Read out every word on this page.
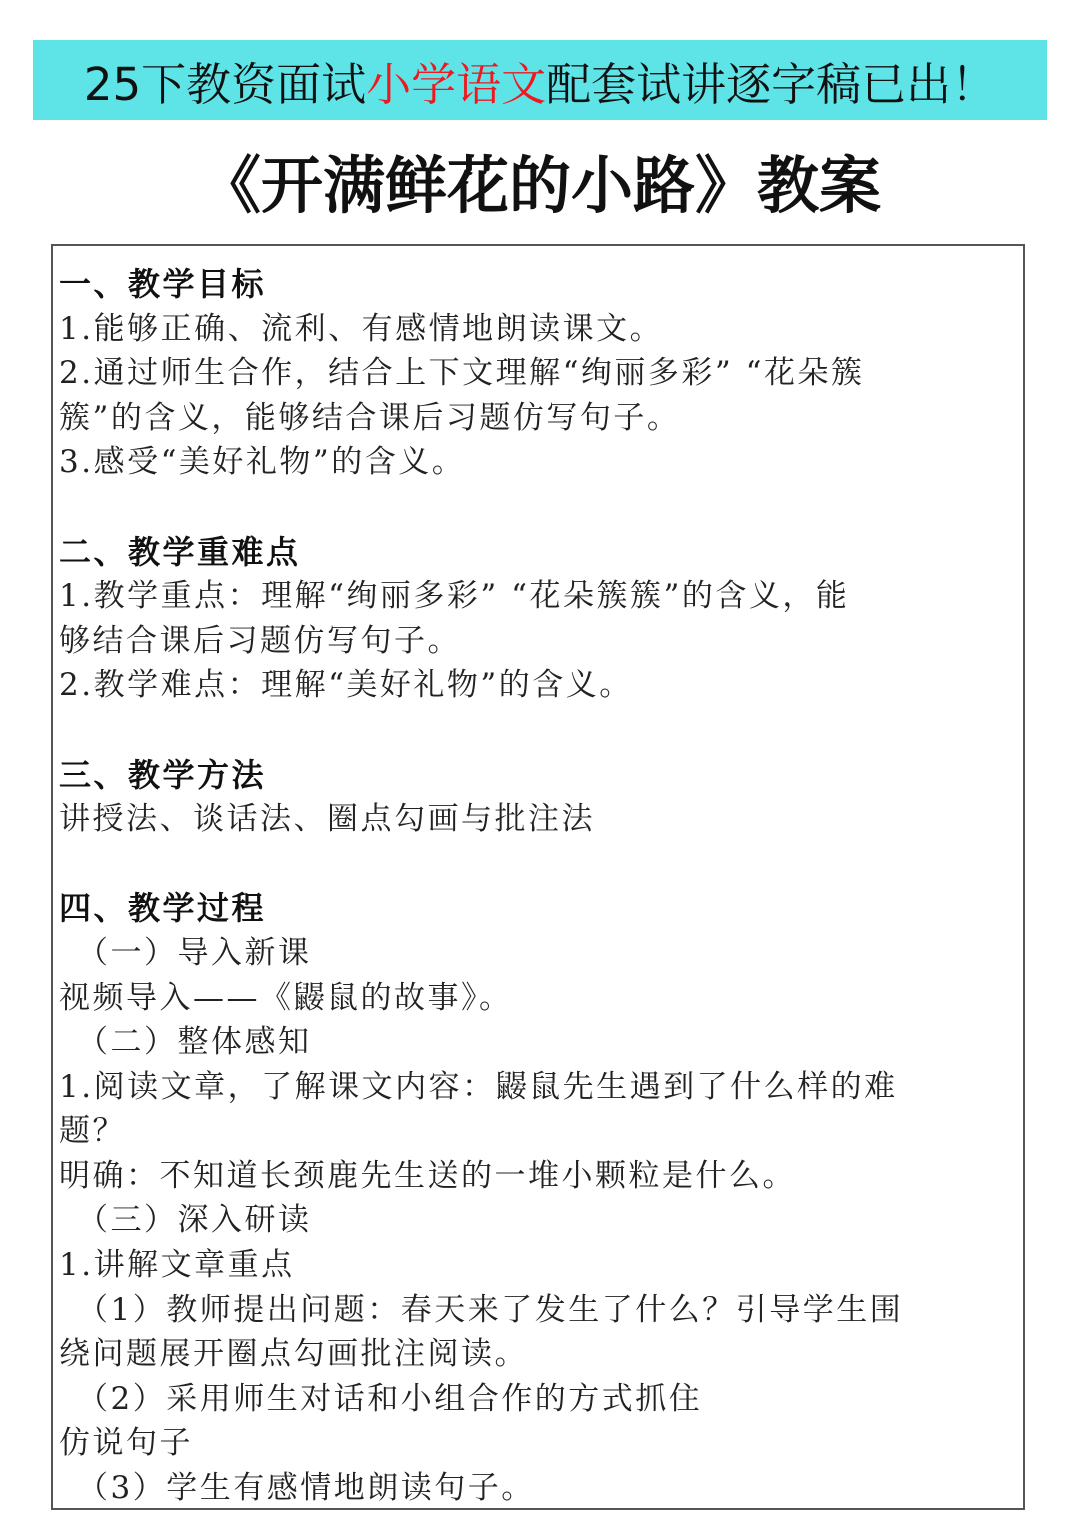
25下教资面试 小学语文 配套试讲逐字稿已出！
《开满鲜花的小路》教案
一、教学目标
1.能够正确、流利、有感情地朗读课文。
2.通过师生合作，结合上下文理解“绚丽多彩” “花朵簇
簇”的含义，能够结合课后习题仿写句子。
3.感受“美好礼物”的含义。
二、教学重难点
1.教学重点：理解“绚丽多彩” “花朵簇簇”的含义，能
够结合课后习题仿写句子。
2.教学难点：理解“美好礼物”的含义。
三、教学方法
讲授法、谈话法、圈点勾画与批注法
四、教学过程
（一）导入新课
视频导入——《鼹鼠的故事》。
（二）整体感知
1.阅读文章，了解课文内容：鼹鼠先生遇到了什么样的难
题？
明确：不知道长颈鹿先生送的一堆小颗粒是什么。
（三）深入研读
1.讲解文章重点
（1）教师提出问题：春天来了发生了什么？引导学生围
绕问题展开圈点勾画批注阅读。
（2）采用师生对话和小组合作的方式抓住
仿说句子
（3）学生有感情地朗读句子。
